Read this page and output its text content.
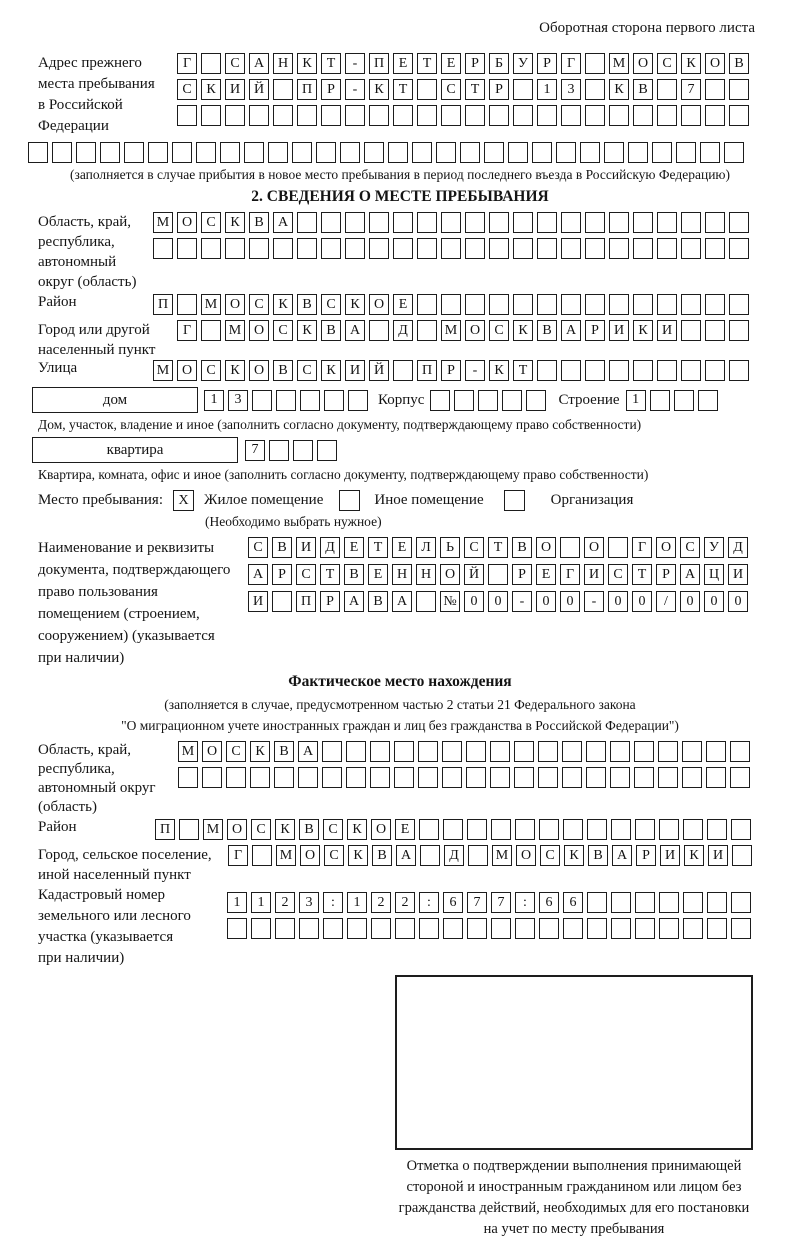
Оборотная сторона первого листа
Адрес прежнего
места пребывания
в Российской
Федерации
Г	С	А Н	К	Т	-	П	Е	Т	Е	Р	Б	У	Р	Г	М О	С	К	О	В
С	К	И Й	П	Р	-	К	Т	С	Т	Р	1	3	К	В	7
(заполняется в случае прибытия в новое место пребывания в период последнего въезда в Российскую Федерацию)
2. СВЕДЕНИЯ О МЕСТЕ ПРЕБЫВАНИЯ
Область, край,
республика,
автономный
округ (область)
М О	С	К	В	А
Район	П	М О	С	К	В	С	К	О	Е
Город или другой
населенный пункт
Г	М О	С	К	В	А	Д	М О	С	К	В	А	Р	И	К	И
Улица	М О	С	К	О	В	С	К	И Й	П	Р	-	К	Т
дом	1	3	Корпус	Строение 1
Дом, участок, владение и иное (заполнить согласно документу, подтверждающему право собственности)
квартира	7
Квартира, комната, офис и иное (заполнить согласно документу, подтверждающему право собственности)
Место пребывания:	X	Жилое помещение	Иное помещение	Организация
(Необходимо выбрать нужное)
Наименование и реквизиты
документа, подтверждающего
право пользования
помещением (строением,
сооружением) (указывается
при наличии)
С	В	И	Д	Е	Т	Е	Л	Ь	С	Т	В	О	О	Г	О	С	У	Д
А	Р	С	Т	В	Е	Н Н О Й	Р	Е	Г	И	С	Т	Р	А Ц И
И	П	Р	А	В	А	№ 0	0	-	0	0	-	0	0	/	0	0	0
Фактическое место нахождения
(заполняется в случае, предусмотренном частью 2 статьи 21 Федерального закона
"О миграционном учете иностранных граждан и лиц без гражданства в Российской Федерации")
Область, край,
республика,
автономный округ
(область)
М О	С	К	В	А
Район	П	М О	С	К	В	С	К	О	Е
Город, сельское поселение,
иной населенный пункт
Г	М О	С	К	В	А	Д	М О	С	К	В	А	Р	И	К	И
Кадастровый номер
земельного или лесного
участка (указывается
при наличии)
1	1	2	3	:	1	2	2	:	6	7	7	:	6	6
Отметка о подтверждении выполнения принимающей
стороной и иностранным гражданином или лицом без
гражданства действий, необходимых для его постановки
на учет по месту пребывания
